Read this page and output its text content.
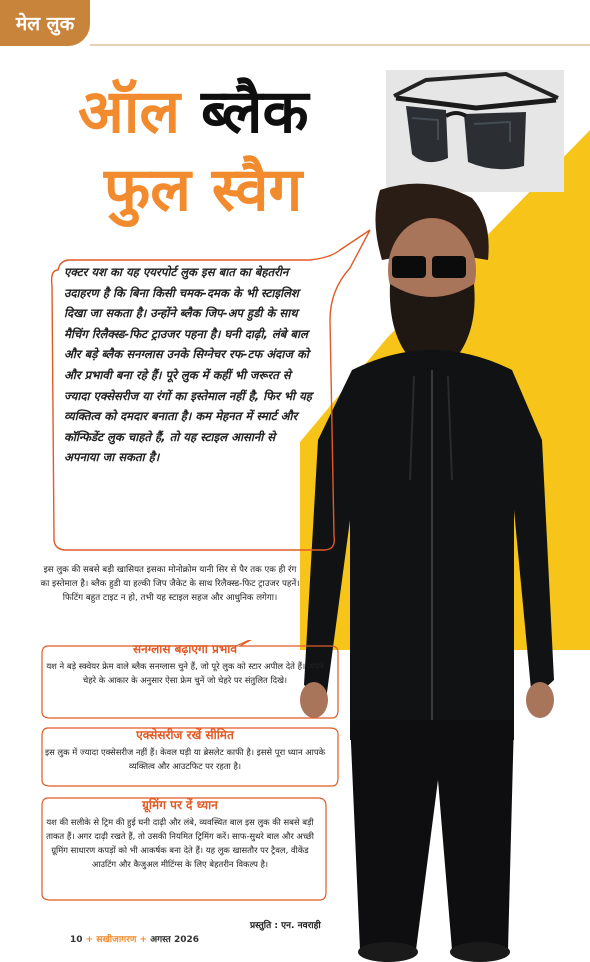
मेल लुक
ऑल ब्लैक
फुल स्वैग
एक्टर यश का यह एयरपोर्ट लुक इस बात का बेहतरीन उदाहरण है कि बिना किसी चमक-दमक के भी स्टाइलिश दिखा जा सकता है। उन्होंने ब्लैक जिप-अप हुडी के साथ मैचिंग रिलैक्स्ड-फिट ट्राउजर पहना है। घनी दाढ़ी, लंबे बाल और बड़े ब्लैक सनग्लास उनके सिग्नेचर रफ-टफ अंदाज को और प्रभावी बना रहे हैं। पूरे लुक में कहीं भी जरूरत से ज्यादा एक्सेसरीज या रंगों का इस्तेमाल नहीं है, फिर भी यह व्यक्तित्व को दमदार बनाता है। कम मेहनत में स्मार्ट और कॉन्फिडेंट लुक चाहते हैं, तो यह स्टाइल आसानी से अपनाया जा सकता है।
इस लुक की सबसे बड़ी खासियत इसका मोनोक्रोम यानी सिर से पैर तक एक ही रंग का इस्तेमाल है। ब्लैक हुडी या हल्की जिप जैकेट के साथ रिलैक्स्ड-फिट ट्राउजर पहनें। फिटिंग बहुत टाइट न हो, तभी यह स्टाइल सहज और आधुनिक लगेगा।
सनग्लास बढ़ाएगा प्रभाव

यश ने बड़े स्क्वेयर फ्रेम वाले ब्लैक सनग्लास चुने हैं, जो पूरे लुक को स्टार अपील देते हैं। अपने चेहरे के आकार के अनुसार ऐसा फ्रेम चुनें जो चेहरे पर संतुलित दिखे।

एक्सेसरीज रखें सीमित

इस लुक में ज्यादा एक्सेसरीज नहीं हैं। केवल घड़ी या ब्रेसलेट काफी है। इससे पूरा ध्यान आपके व्यक्तित्व और आउटफिट पर रहता है।

ग्रूमिंग पर दें ध्यान

यश की सलीके से ट्रिम की हुई घनी दाढ़ी और लंबे, व्यवस्थित बाल इस लुक की सबसे बड़ी ताकत हैं। अगर दाढ़ी रखते हैं, तो उसकी नियमित ट्रिमिंग करें। साफ-सुथरे बाल और अच्छी ग्रूमिंग साधारण कपड़ों को भी आकर्षक बना देते हैं। यह लुक खासतौर पर ट्रैवल, वीकेंड आउटिंग और कैजुअल मीटिंग्स के लिए बेहतरीन विकल्प है।

10 + सखीजागरण + अगस्त 2026
प्रस्तुति : एन. नवराही
